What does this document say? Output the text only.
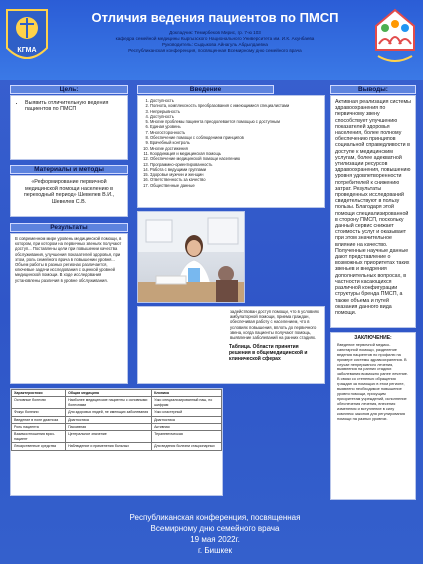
КГМА
Отличия ведения пациентов по ПМСП
Докладчик: Темирбеков Мирис, гр. 7-ю 103
кафедра семейной медицины Кыргызского Национального Университета им. И.К. Ахунбаева
Руководитель: Сыдыкова Айнагуль Абдылдаевна
Республиканская конференция, посвященная Всемирному дню семейного врача
Цель:
• Выявить отличительную ведения пациентов по ПМСП
Введение
1. Доступность
2. Полнота, комплексность преобразования с имеющимися специалистами
3. Непрерывность
4. Доступность
5. Многие проблемы пациента преодолевается помощью с доступным
6. Единая уровень
7. Многосторонность
8. Обеспечение помощи с соблюдением принципов
9. Врачебный контроль
10. Многие достижения
11. Координация и медицинская помощь
12. Обеспечение медицинской помощи населению
13. Программно-ориентированность
14. Работа с ведущими группами
15. Здоровье мужчин и женщин
16. Ответственность за качество
17. Общественные данные
Выводы:
Активная реализация системы здравоохранения по первичному звену способствует улучшению показателей здоровья населения, более полному обеспечению принципов социальной справедливости в доступе к медицинским услугам, более адекватной утилизации ресурсов здравоохранения, повышению уровня удовлетворенности потребителей к снижению затрат. Результаты проведенных исследований свидетельствуют в пользу пользы. Благодаря этой помощи специализированной в сторону ПМСП, поскольку данный сервис снижает стоимость услуг и оказывает при этом значительное влияние на качество. Полученные научные данные дают представление о возможных приоритетах таких звеньев и внедрения дополнительных вопросах, в частности касающихся различной конфигурации структуры бренда ПМСП, а также объема и путей оказания данного вида помощи.
Материалы и методы
«Реформирование первичной медицинской помощи населению в переходный период» Шевелев В.И., Шевелев С.В.
Результаты
В современном мире уровень медицинской помощи, в котором, при котором на первичных звеньях получают доступ... Поставлены цели при повышении качества обслуживания, улучшения показателей здоровья, при этом, роль семейного врача в повышении уровня... Объем работы в разных регионах различается, ключевые задачи исследования с оценкой уровней медицинской помощи. В ходе исследования установлены различия в уровне обслуживания.
задействован доступ помощи, что в условиях амбулаторной помощи, приема граждан, обеспечивая работу с населением, что в условиях повышения, вплоть до первичного звена, когда пациенты получают помощь, выявление заболеваний на ранних стадиях.
Таблица. Области принятия решения в общемедицинской и клинической сферах
Характеристики	Общая медицина	Клиника
Основные болезни	Наиболее медицинские пациенты с основными болезнями	Узко специализированный наш, по шифрам
Фокус болезни	Для здоровья людей, не имеющих заболевания	Узко кластерный
Введение в поле диагноза	Диагностика	Диагностика
Роль пациента	Пассивная	Активная
Взаимоотношения врач-пациент	Центральное значение	Терапевтическая
Лекарственные средства	Наблюдение и применения больных	Для ведения болезни стационарных
ЗАКЛЮЧЕНИЕ:
Введение первичной медико-санитарной помощи, разделение ведения пациентов по профилю на примере системы здравоохранения. В случае непрерывного лечения, выявления на ранних стадиях заболевания возможно ранее лечение. В связи со степенью обращения граждан за помощью в этом регионе, выявлено необходимое повышение уровня помощи, присущим приоритетам учреждений, исполнение обеспечения лечения, внесения изменения и вступление в силу комплекс законов для регулирования помощи на разных уровнях.
Республиканская конференция, посвященная
Всемирному дню семейного врача
19 мая 2022г.
г. Бишкек
